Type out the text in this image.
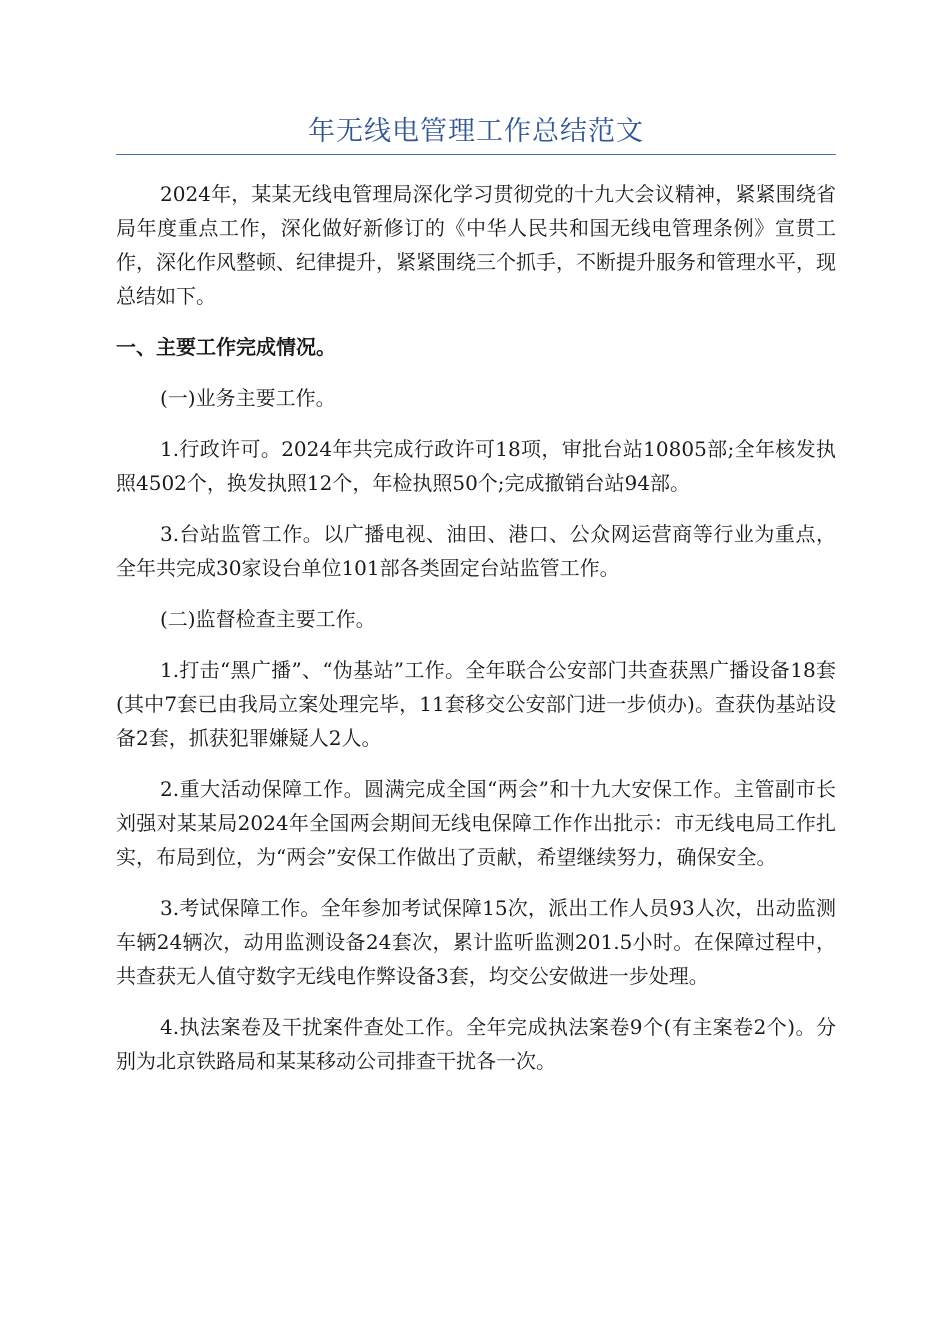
年无线电管理工作总结范文

2024年，某某无线电管理局深化学习贯彻党的十九大会议精神，紧紧围绕省局年度重点工作，深化做好新修订的《中华人民共和国无线电管理条例》宣贯工作，深化作风整顿、纪律提升，紧紧围绕三个抓手，不断提升服务和管理水平，现总结如下。

一、主要工作完成情况。

(一)业务主要工作。

1.行政许可。2024年共完成行政许可18项，审批台站10805部;全年核发执照4502个，换发执照12个，年检执照50个;完成撤销台站94部。

3.台站监管工作。以广播电视、油田、港口、公众网运营商等行业为重点，全年共完成30家设台单位101部各类固定台站监管工作。

(二)监督检查主要工作。

1.打击“黑广播”、“伪基站”工作。全年联合公安部门共查获黑广播设备18套(其中7套已由我局立案处理完毕，11套移交公安部门进一步侦办)。查获伪基站设备2套，抓获犯罪嫌疑人2人。

2.重大活动保障工作。圆满完成全国“两会”和十九大安保工作。主管副市长刘强对某某局2024年全国两会期间无线电保障工作作出批示：市无线电局工作扎实，布局到位，为“两会”安保工作做出了贡献，希望继续努力，确保安全。

3.考试保障工作。全年参加考试保障15次，派出工作人员93人次，出动监测车辆24辆次，动用监测设备24套次，累计监听监测201.5小时。在保障过程中，共查获无人值守数字无线电作弊设备3套，均交公安做进一步处理。

4.执法案卷及干扰案件查处工作。全年完成执法案卷9个(有主案卷2个)。分别为北京铁路局和某某移动公司排查干扰各一次。
